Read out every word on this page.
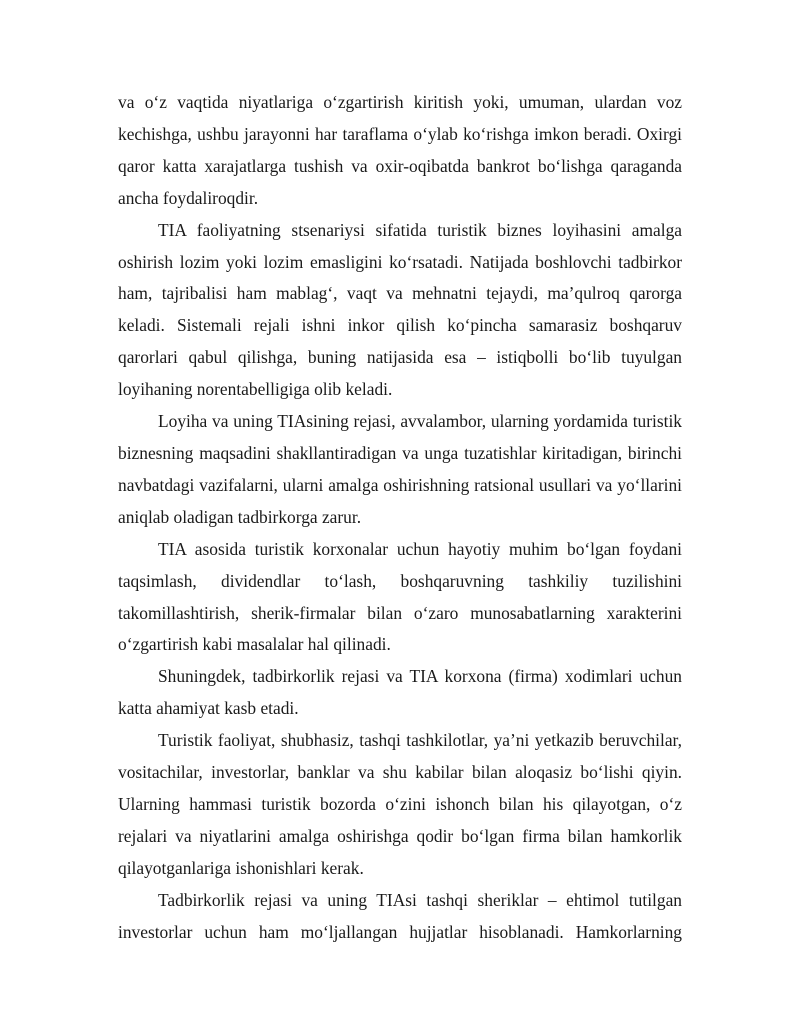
va o‘z vaqtida niyatlariga o‘zgartirish kiritish yoki, umuman, ulardan voz kechishga, ushbu jarayonni har taraflama o‘ylab ko‘rishga imkon beradi. Oxirgi qaror katta xarajatlarga tushish va oxir-oqibatda bankrot bo‘lishga qaraganda ancha foydaliroqdir.

TIA faoliyatning stsenariysi sifatida turistik biznes loyihasini amalga oshirish lozim yoki lozim emasligini ko‘rsatadi. Natijada boshlovchi tadbirkor ham, tajribalisi ham mablag‘, vaqt va mehnatni tejaydi, ma’qulroq qarorga keladi. Sistemali rejali ishni inkor qilish ko‘pincha samarasiz boshqaruv qarorlari qabul qilishga, buning natijasida esa – istiqbolli bo‘lib tuyulgan loyihaning norentabelligiga olib keladi.

Loyiha va uning TIAsining rejasi, avvalambor, ularning yordamida turistik biznesning maqsadini shakllantiradigan va unga tuzatishlar kiritadigan, birinchi navbatdagi vazifalarni, ularni amalga oshirishning ratsional usullari va yo‘llarini aniqlab oladigan tadbirkorga zarur.

TIA asosida turistik korxonalar uchun hayotiy muhim bo‘lgan foydani taqsimlash, dividendlar to‘lash, boshqaruvning tashkiliy tuzilishini takomillashtirish, sherik-firmalar bilan o‘zaro munosabatlarning xarakterini o‘zgartirish kabi masalalar hal qilinadi.

Shuningdek, tadbirkorlik rejasi va TIA korxona (firma) xodimlari uchun katta ahamiyat kasb etadi.

Turistik faoliyat, shubhasiz, tashqi tashkilotlar, ya’ni yetkazib beruvchilar, vositachilar, investorlar, banklar va shu kabilar bilan aloqasiz bo‘lishi qiyin. Ularning hammasi turistik bozorda o‘zini ishonch bilan his qilayotgan, o‘z rejalari va niyatlarini amalga oshirishga qodir bo‘lgan firma bilan hamkorlik qilayotganlariga ishonishlari kerak.

Tadbirkorlik rejasi va uning TIAsi tashqi sheriklar – ehtimol tutilgan investorlar uchun ham mo‘ljallangan hujjatlar hisoblanadi. Hamkorlarning
